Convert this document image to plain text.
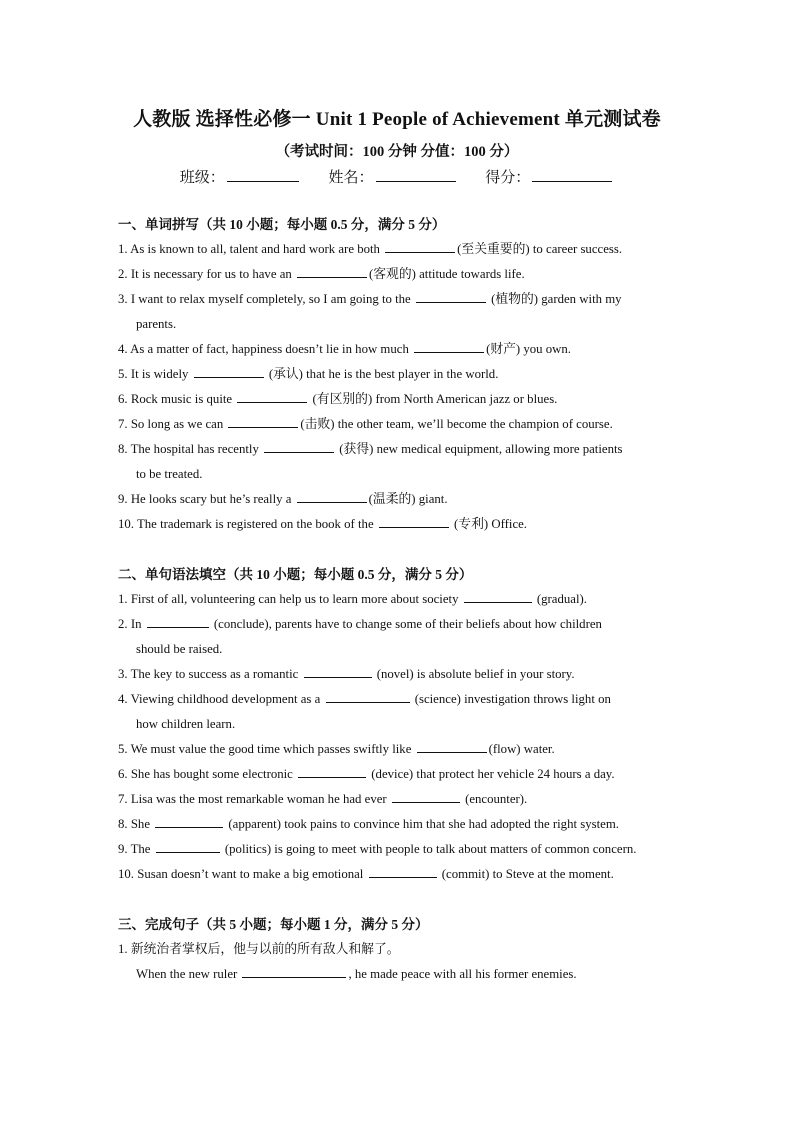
人教版 选择性必修一 Unit 1 People of Achievement 单元测试卷
（考试时间：100 分钟 分值：100 分）
班级：	姓名：	得分：
一、单词拼写（共 10 小题；每小题 0.5 分，满分 5 分）
1. As is known to all, talent and hard work are both	(至关重要的) to career success.
2. It is necessary for us to have an	(客观的) attitude towards life.
3. I want to relax myself completely, so I am going to the	(植物的) garden with my
parents.
4. As a matter of fact, happiness doesn’t lie in how much	(财产) you own.
5. It is widely	(承认) that he is the best player in the world.
6. Rock music is quite	(有区别的) from North American jazz or blues.
7. So long as we can	(击败) the other team, we’ll become the champion of course.
8. The hospital has recently	(获得) new medical equipment, allowing more patients
to be treated.
9. He looks scary but he’s really a	(温柔的) giant.
10. The trademark is registered on the book of the	(专利) Office.
二、单句语法填空（共 10 小题；每小题 0.5 分，满分 5 分）
1. First of all, volunteering can help us to learn more about society	(gradual).
2. In	(conclude), parents have to change some of their beliefs about how children
should be raised.
3. The key to success as a romantic	(novel) is absolute belief in your story.
4. Viewing childhood development as a	(science) investigation throws light on
how children learn.
5. We must value the good time which passes swiftly like	(flow) water.
6. She has bought some electronic	(device) that protect her vehicle 24 hours a day.
7. Lisa was the most remarkable woman he had ever	(encounter).
8. She	(apparent) took pains to convince him that she had adopted the right system.
9. The	(politics) is going to meet with people to talk about matters of common concern.
10. Susan doesn’t want to make a big emotional	(commit) to Steve at the moment.
三、完成句子（共 5 小题；每小题 1 分，满分 5 分）
1. 新统治者掌权后，他与以前的所有敌人和解了。
When the new ruler	, he made peace with all his former enemies.
